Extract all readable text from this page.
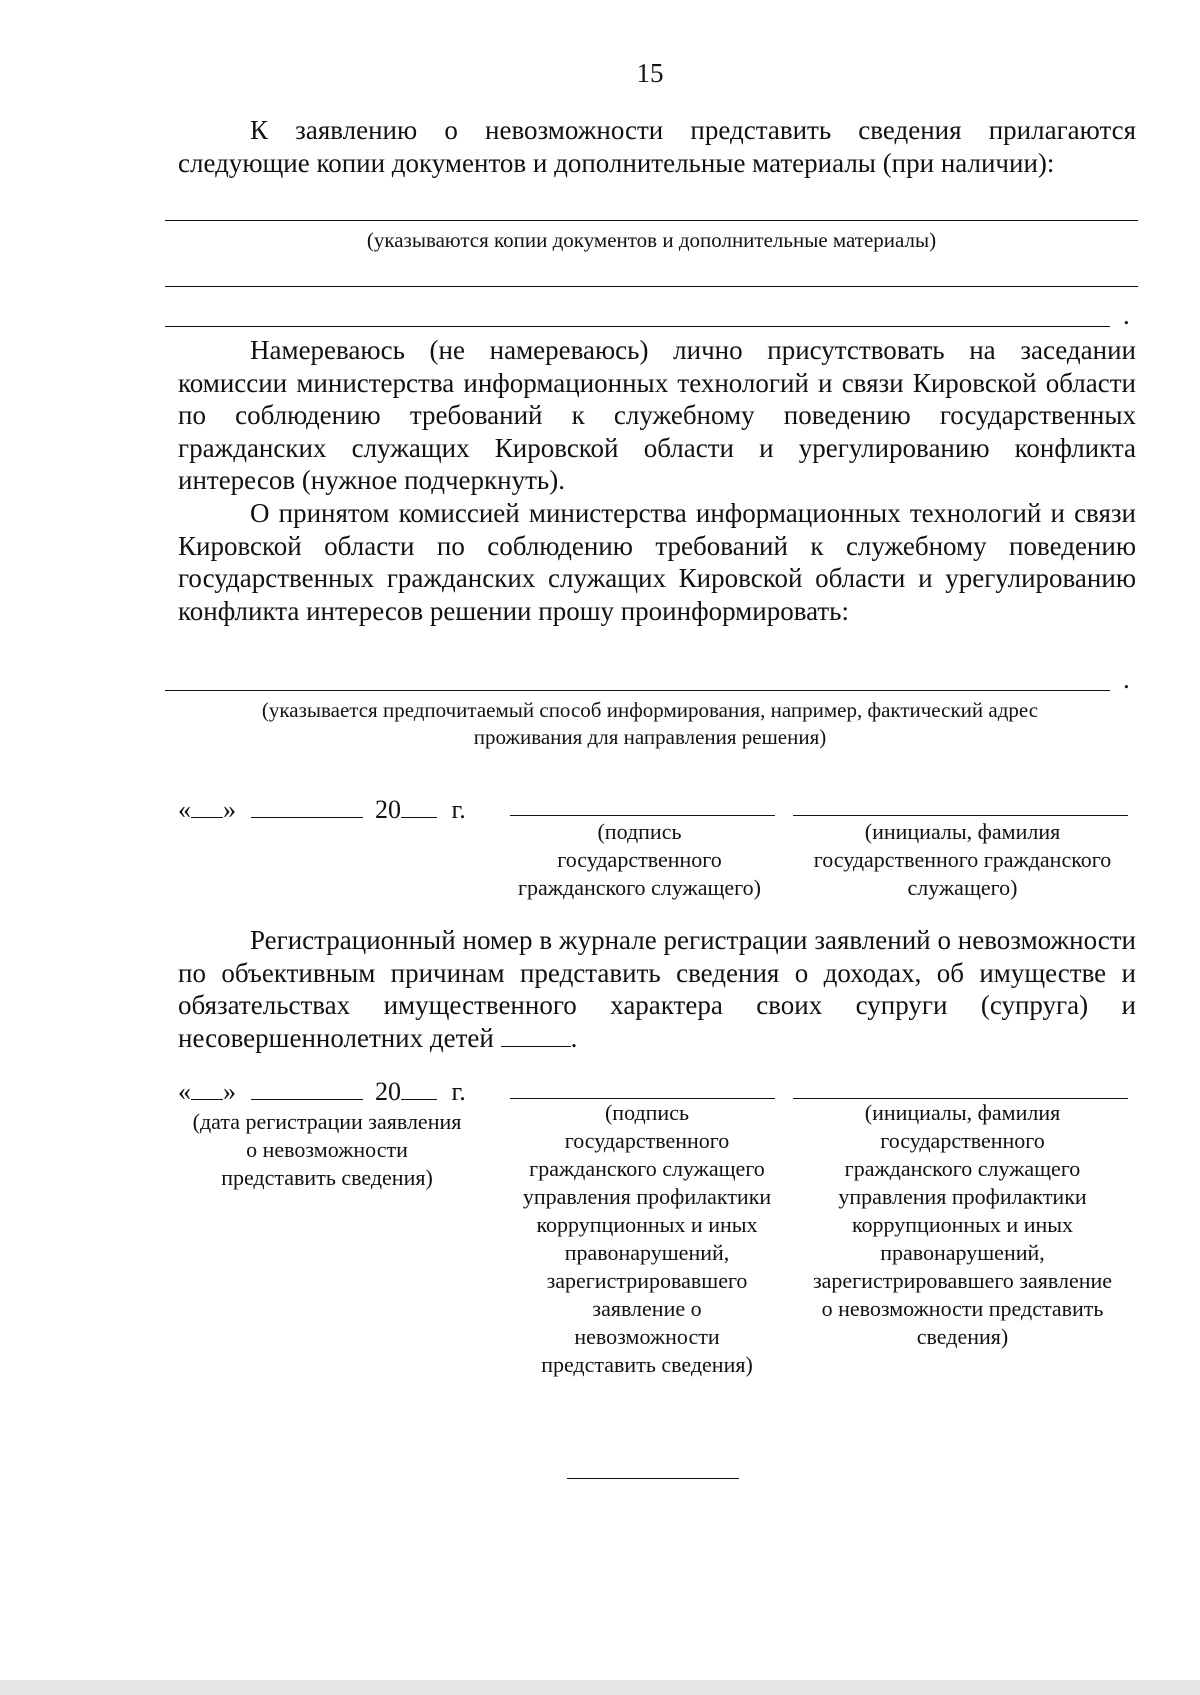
15

К заявлению о невозможности представить сведения прилагаются следующие копии документов и дополнительные материалы (при наличии):

(указываются копии документов и дополнительные материалы)
.

Намереваюсь (не намереваюсь) лично присутствовать на заседании комиссии министерства информационных технологий и связи Кировской области по соблюдению требований к служебному поведению государственных гражданских служащих Кировской области и урегулированию конфликта интересов (нужное подчеркнуть).

О принятом комиссией министерства информационных технологий и связи Кировской области по соблюдению требований к служебному поведению государственных гражданских служащих Кировской области и урегулированию конфликта интересов решении прошу проинформировать:

.
(указывается предпочитаемый способ информирования, например, фактический адрес
проживания для направления решения)
« »	20 г.
(подпись
государственного
гражданского служащего)
(инициалы, фамилия
государственного гражданского
служащего)

Регистрационный номер в журнале регистрации заявлений о невозможности по объективным причинам представить сведения о доходах, об имуществе и обязательствах имущественного характера своих супруги (супруга) и несовершеннолетних детей	.

« »	20 г.
(дата регистрации заявления
о невозможности
представить сведения)
(подпись
государственного
гражданского служащего
управления профилактики
коррупционных и иных
правонарушений,
зарегистрировавшего
заявление о
невозможности
представить сведения)
(инициалы, фамилия
государственного
гражданского служащего
управления профилактики
коррупционных и иных
правонарушений,
зарегистрировавшего заявление
о невозможности представить
сведения)
